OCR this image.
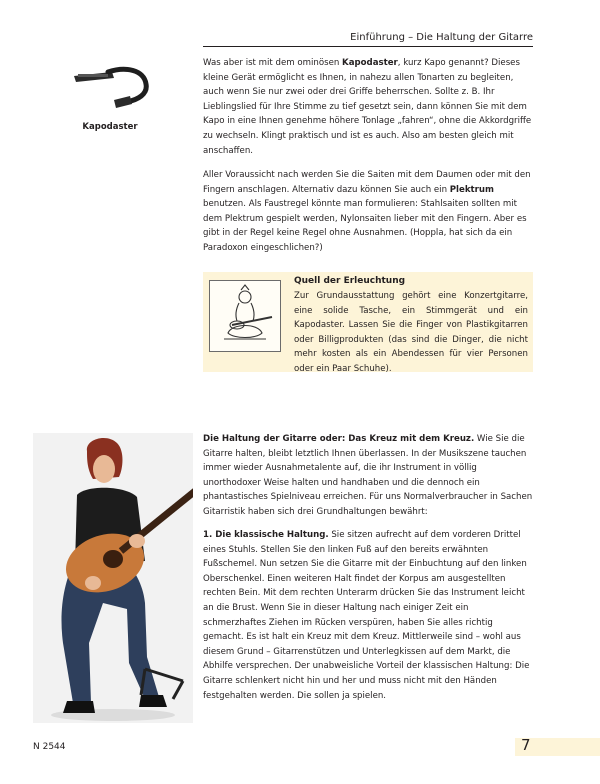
Einführung – Die Haltung der Gitarre
Kapodaster

Was aber ist mit dem ominösen Kapodaster, kurz Kapo genannt? Dieses kleine Gerät ermöglicht es Ihnen, in nahezu allen Tonarten zu begleiten, auch wenn Sie nur zwei oder drei Griffe beherrschen. Sollte z. B. Ihr Lieblingslied für Ihre Stimme zu tief gesetzt sein, dann können Sie mit dem Kapo in eine Ihnen genehme höhere Tonlage „fahren“, ohne die Akkordgriffe zu wechseln. Klingt praktisch und ist es auch. Also am besten gleich mit anschaffen.

Aller Voraussicht nach werden Sie die Saiten mit dem Daumen oder mit den Fingern anschlagen. Alternativ dazu können Sie auch ein Plektrum benutzen. Als Faustregel könnte man formulieren: Stahlsaiten sollten mit dem Plektrum gespielt werden, Nylonsaiten lieber mit den Fingern. Aber es gibt in der Regel keine Regel ohne Ausnahmen. (Hoppla, hat sich da ein Paradoxon eingeschlichen?)

Quell der Erleuchtung

Zur Grundausstattung gehört eine Konzertgitarre, eine solide Tasche, ein Stimmgerät und ein Kapodaster. Lassen Sie die Finger von Plastikgitarren oder Billigprodukten (das sind die Dinger, die nicht mehr kosten als ein Abendessen für vier Personen oder ein Paar Schuhe).

Die Haltung der Gitarre oder: Das Kreuz mit dem Kreuz. Wie Sie die Gitarre halten, bleibt letztlich Ihnen überlassen. In der Musikszene tauchen immer wieder Ausnahmetalente auf, die ihr Instrument in völlig unorthodoxer Weise halten und handhaben und die dennoch ein phantastisches Spielniveau erreichen. Für uns Normalverbraucher in Sachen Gitarristik haben sich drei Grundhaltungen bewährt:

1. Die klassische Haltung. Sie sitzen aufrecht auf dem vorderen Drittel eines Stuhls. Stellen Sie den linken Fuß auf den bereits erwähnten Fußschemel. Nun setzen Sie die Gitarre mit der Einbuchtung auf den linken Oberschenkel. Einen weiteren Halt findet der Korpus am ausgestellten rechten Bein. Mit dem rechten Unterarm drücken Sie das Instrument leicht an die Brust. Wenn Sie in dieser Haltung nach einiger Zeit ein schmerzhaftes Ziehen im Rücken verspüren, haben Sie alles richtig gemacht. Es ist halt ein Kreuz mit dem Kreuz. Mittlerweile sind – wohl aus diesem Grund – Gitarrenstützen und Unterlegkissen auf dem Markt, die Abhilfe versprechen. Der unabweisliche Vorteil der klassischen Haltung: Die Gitarre schlenkert nicht hin und her und muss nicht mit den Händen festgehalten werden. Die sollen ja spielen.

N 2544	7
